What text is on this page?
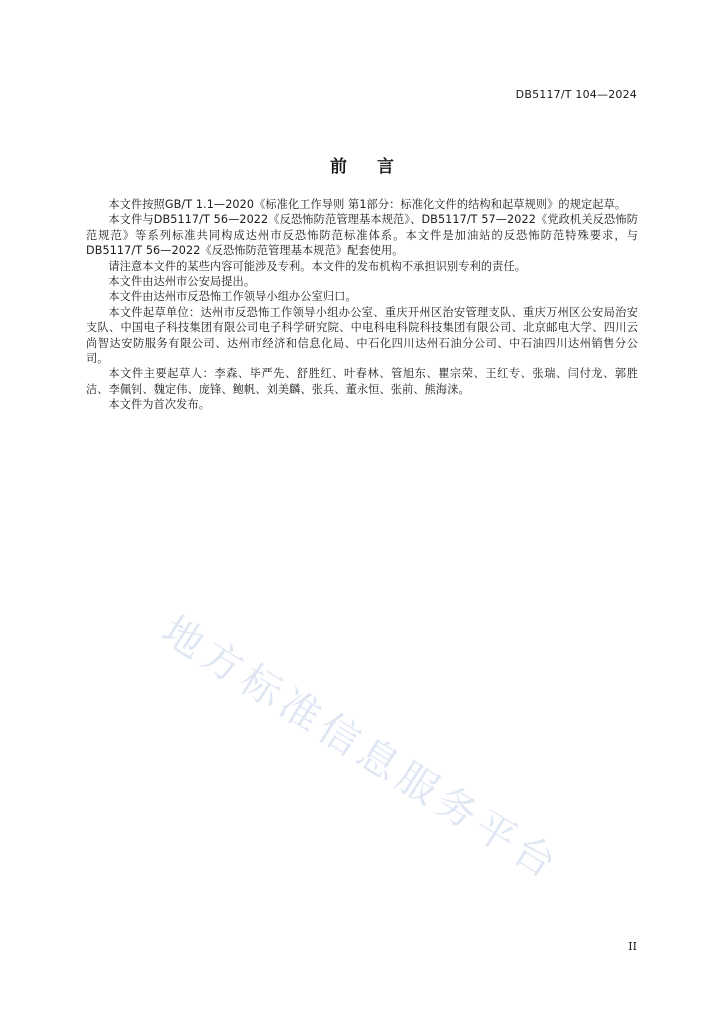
DB5117/T 104—2024
前言

本文件按照GB/T 1.1—2020《标准化工作导则 第1部分：标准化文件的结构和起草规则》的规定起草。

本文件与DB5117/T 56—2022《反恐怖防范管理基本规范》、DB5117/T 57—2022《党政机关反恐怖防范规范》等系列标准共同构成达州市反恐怖防范标准体系。本文件是加油站的反恐怖防范特殊要求，与DB5117/T 56—2022《反恐怖防范管理基本规范》配套使用。

请注意本文件的某些内容可能涉及专利。本文件的发布机构不承担识别专利的责任。

本文件由达州市公安局提出。

本文件由达州市反恐怖工作领导小组办公室归口。

本文件起草单位：达州市反恐怖工作领导小组办公室、重庆开州区治安管理支队、重庆万州区公安局治安支队、中国电子科技集团有限公司电子科学研究院、中电科电科院科技集团有限公司、北京邮电大学、四川云尚智达安防服务有限公司、达州市经济和信息化局、中石化四川达州石油分公司、中石油四川达州销售分公司。

本文件主要起草人：李森、毕严先、舒胜红、叶春林、管旭东、瞿宗荣、王红专、张瑞、闫付龙、郭胜洁、李佩钊、魏定伟、庞锋、鲍帆、刘美麟、张兵、董永恒、张前、熊海涞。

本文件为首次发布。

地方标准信息服务平台
II
